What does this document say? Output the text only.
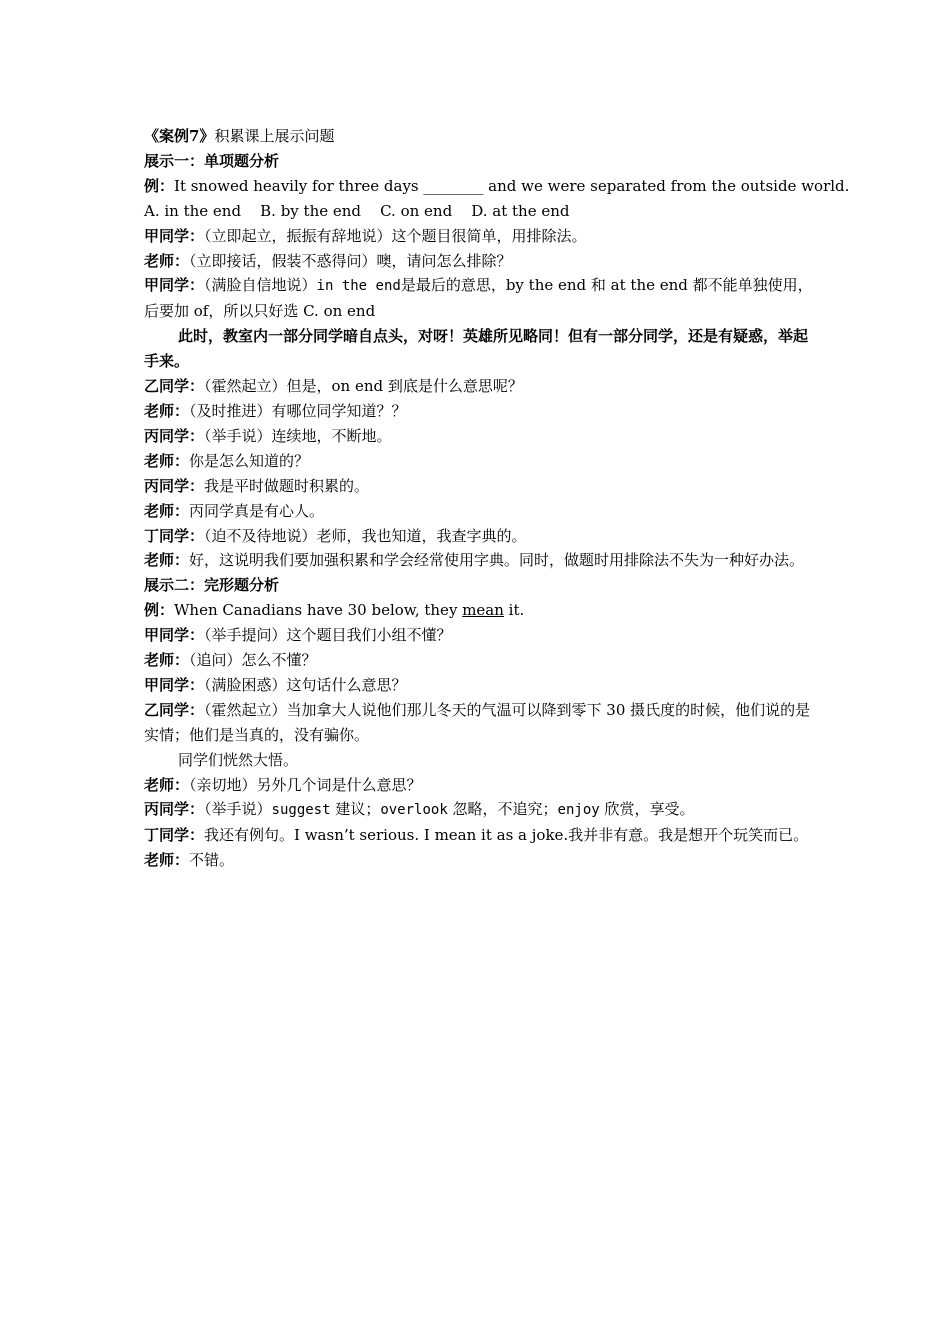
《案例7》积累课上展示问题
展示一：单项题分析
例：It snowed heavily for three days ________ and we were separated from the outside world.
A. in the end    B. by the end    C. on end    D. at the end
甲同学：（立即起立，振振有辞地说）这个题目很简单，用排除法。
老师：（立即接话，假装不惑得问）噢，请问怎么排除？
甲同学：（满脸自信地说）in the end是最后的意思，by the end 和 at the end 都不能单独使用，后要加 of，所以只好选 C. on end
此时，教室内一部分同学暗自点头，对呀！英雄所见略同！但有一部分同学，还是有疑惑，举起手来。
乙同学：（霍然起立）但是，on end 到底是什么意思呢？
老师：（及时推进）有哪位同学知道？？
丙同学：（举手说）连续地，不断地。
老师：你是怎么知道的？
丙同学：我是平时做题时积累的。
老师：丙同学真是有心人。
丁同学：（迫不及待地说）老师，我也知道，我查字典的。
老师：好，这说明我们要加强积累和学会经常使用字典。同时，做题时用排除法不失为一种好办法。
展示二：完形题分析
例：When Canadians have 30 below, they mean it.
甲同学：（举手提问）这个题目我们小组不懂？
老师：（追问）怎么不懂？
甲同学：（满脸困惑）这句话什么意思？
乙同学：（霍然起立）当加拿大人说他们那儿冬天的气温可以降到零下 30 摄氏度的时候，他们说的是实情；他们是当真的，没有骗你。
同学们恍然大悟。
老师：（亲切地）另外几个词是什么意思？
丙同学：（举手说）suggest 建议；overlook 忽略，不追究；enjoy 欣赏，享受。
丁同学：我还有例句。I wasn’t serious. I mean it as a joke.我并非有意。我是想开个玩笑而已。
老师：不错。
